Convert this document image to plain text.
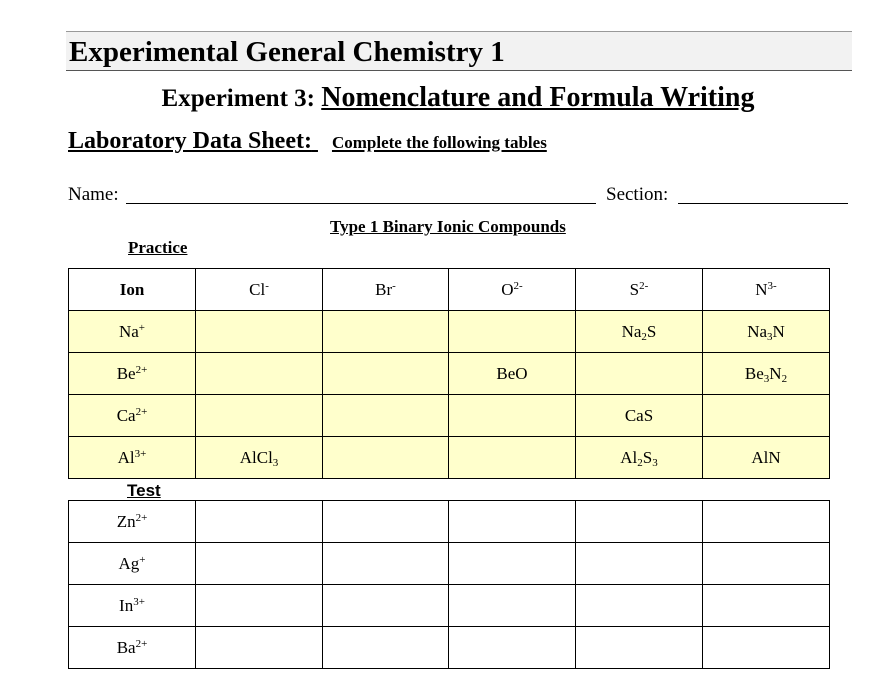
Experimental General Chemistry 1
Experiment 3: Nomenclature and Formula Writing
Laboratory Data Sheet: Complete the following tables
Name:	Section:
Type 1 Binary Ionic Compounds
Practice
Ion	Cl-	Br-	$O^{2-}$	$S^{2-}$	$N^{3-}$
Na+				$Na_2S$	$Na_3N$
$Be^{2+}$			BeO		$Be_3N_2$
$Ca^{2+}$				CaS	
$Al^{3+}$	AlCl$_3$			$Al_2S_3$	AlN
Test
$Zn^{2+}$					
Ag+					
$In^{3+}$					
$Ba^{2+}$					
